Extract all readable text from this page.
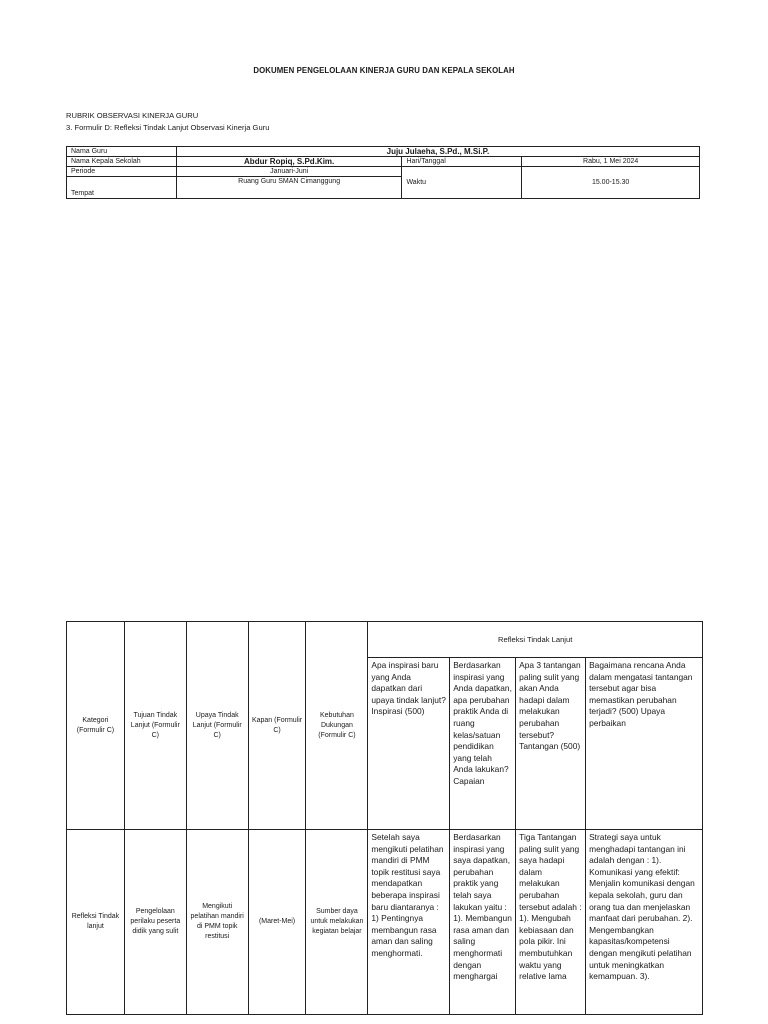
DOKUMEN PENGELOLAAN KINERJA GURU DAN KEPALA SEKOLAH
RUBRIK OBSERVASI KINERJA GURU
3. Formulir D: Refleksi Tindak Lanjut Observasi Kinerja Guru
Nama Guru	Juju Julaeha, S.Pd., M.Si.P.		
Nama Kepala Sekolah	Abdur Ropiq, S.Pd.Kim.	Hari/Tanggal	Rabu, 1 Mei 2024
Periode	Januari-Juni	Waktu	15.00-15.30
Tempat	Ruang Guru SMAN Cimanggung		
Kategori (Formulir C)	Tujuan Tindak Lanjut (Formulir C)	Upaya Tindak Lanjut (Formulir C)	Kapan (Formulir C)	Kebutuhan Dukungan (Formulir C)	Refleksi Tindak Lanjut			

					Apa inspirasi baru yang Anda dapatkan dari upaya tindak lanjut? Inspirasi (500)	Berdasarkan inspirasi yang Anda dapatkan, apa perubahan praktik Anda di ruang kelas/satuan pendidikan yang telah Anda lakukan? Capaian	Apa 3 tantangan paling sulit yang akan Anda hadapi dalam melakukan perubahan tersebut? Tantangan (500)	Bagaimana rencana Anda dalam mengatasi tantangan tersebut agar bisa memastikan perubahan terjadi? (500) Upaya perbaikan

Refleksi Tindak lanjut	Pengelolaan perilaku peserta didik yang sulit	Mengikuti pelatihan mandiri di PMM topik restitusi	(Maret-Mei)	Sumber daya untuk melakukan kegiatan belajar	Setelah saya mengikuti pelatihan mandiri di PMM topik restitusi saya mendapatkan beberapa inspirasi baru diantaranya : 1) Pentingnya membangun rasa aman dan saling menghormati.	Berdasarkan inspirasi yang saya dapatkan, perubahan praktik yang telah saya lakukan yaitu : 1). Membangun rasa aman dan saling menghormati dengan menghargai	Tiga Tantangan paling sulit yang saya hadapi dalam melakukan perubahan tersebut adalah : 1). Mengubah kebiasaan dan pola pikir. Ini membutuhkan waktu yang relative lama	Strategi saya untuk menghadapi tantangan ini adalah dengan : 1). Komunikasi yang efektif: Menjalin komunikasi dengan kepala sekolah, guru dan orang tua dan menjelaskan manfaat dari perubahan. 2). Mengembangkan kapasitas/kompetensi dengan mengikuti pelatihan untuk meningkatkan kemampuan. 3).
